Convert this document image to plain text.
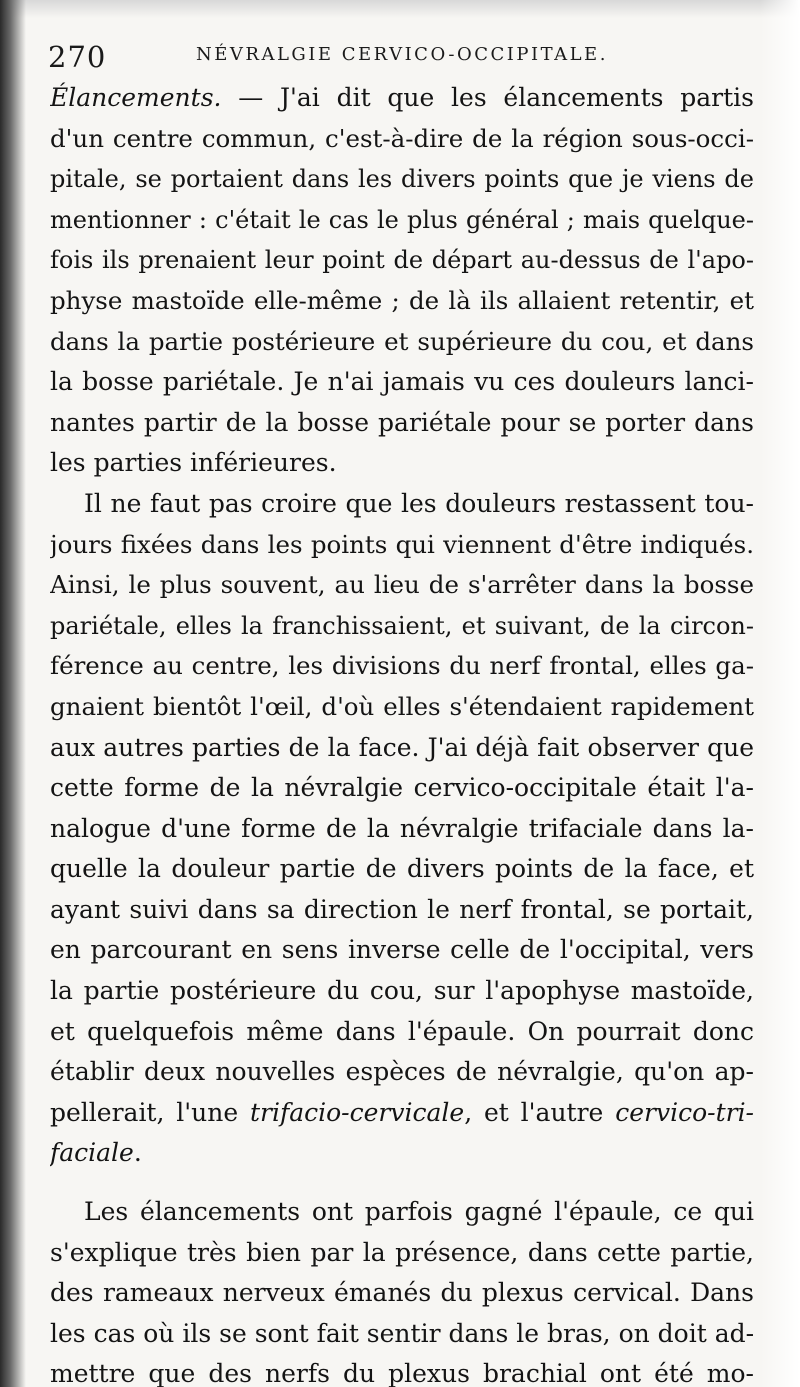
270	NÉVRALGIE CERVICO-OCCIPITALE.
Élancements. — J'ai dit que les élancements partis
d'un centre commun, c'est-à-dire de la région sous-occi-
pitale, se portaient dans les divers points que je viens de
mentionner : c'était le cas le plus général ; mais quelque-
fois ils prenaient leur point de départ au-dessus de l'apo-
physe mastoïde elle-même ; de là ils allaient retentir, et
dans la partie postérieure et supérieure du cou, et dans
la bosse pariétale. Je n'ai jamais vu ces douleurs lanci-
nantes partir de la bosse pariétale pour se porter dans
les parties inférieures.
Il ne faut pas croire que les douleurs restassent tou-
jours fixées dans les points qui viennent d'être indiqués.
Ainsi, le plus souvent, au lieu de s'arrêter dans la bosse
pariétale, elles la franchissaient, et suivant, de la circon-
férence au centre, les divisions du nerf frontal, elles ga-
gnaient bientôt l'œil, d'où elles s'étendaient rapidement
aux autres parties de la face. J'ai déjà fait observer que
cette forme de la névralgie cervico-occipitale était l'a-
nalogue d'une forme de la névralgie trifaciale dans la-
quelle la douleur partie de divers points de la face, et
ayant suivi dans sa direction le nerf frontal, se portait,
en parcourant en sens inverse celle de l'occipital, vers
la partie postérieure du cou, sur l'apophyse mastoïde,
et quelquefois même dans l'épaule. On pourrait donc
établir deux nouvelles espèces de névralgie, qu'on ap-
pellerait, l'une trifacio-cervicale, et l'autre cervico-tri-
faciale.
Les élancements ont parfois gagné l'épaule, ce qui
s'explique très bien par la présence, dans cette partie,
des rameaux nerveux émanés du plexus cervical. Dans
les cas où ils se sont fait sentir dans le bras, on doit ad-
mettre que des nerfs du plexus brachial ont été mo-
